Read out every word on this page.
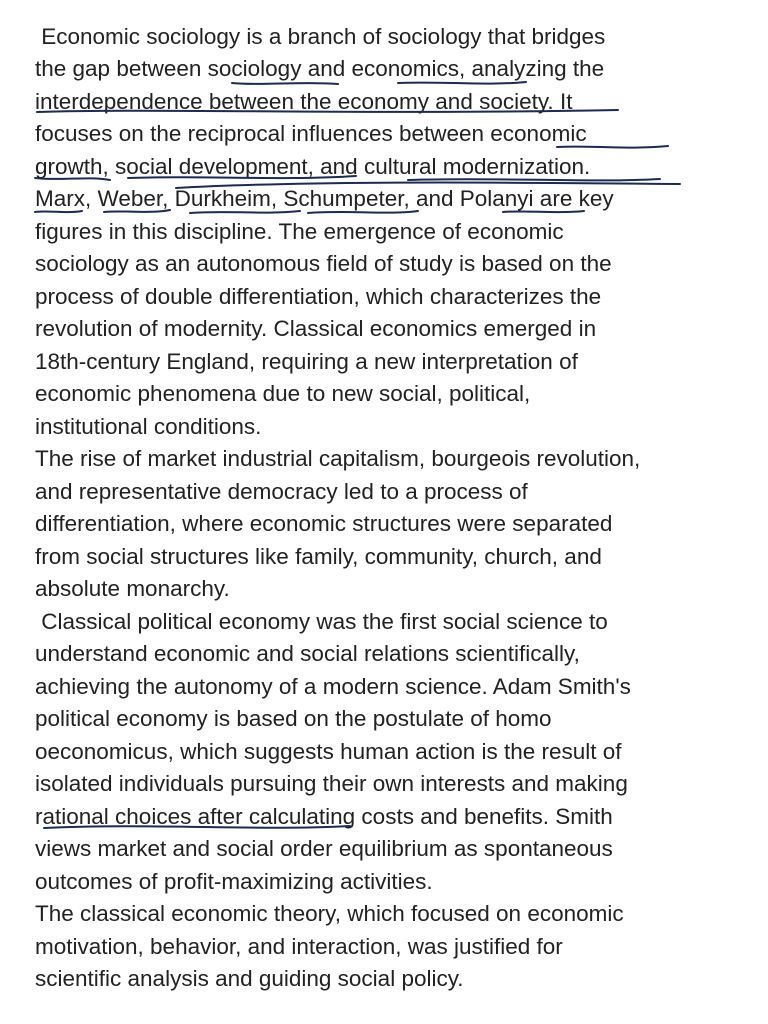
Economic sociology is a branch of sociology that bridges
the gap between sociology and economics, analyzing the
interdependence between the economy and society. It
focuses on the reciprocal influences between economic
growth, social development, and cultural modernization.
Marx, Weber, Durkheim, Schumpeter, and Polanyi are key
figures in this discipline. The emergence of economic
sociology as an autonomous field of study is based on the
process of double differentiation, which characterizes the
revolution of modernity. Classical economics emerged in
18th-century England, requiring a new interpretation of
economic phenomena due to new social, political,
institutional conditions.
The rise of market industrial capitalism, bourgeois revolution,
and representative democracy led to a process of
differentiation, where economic structures were separated
from social structures like family, community, church, and
absolute monarchy.
Classical political economy was the first social science to
understand economic and social relations scientifically,
achieving the autonomy of a modern science. Adam Smith's
political economy is based on the postulate of homo
oeconomicus, which suggests human action is the result of
isolated individuals pursuing their own interests and making
rational choices after calculating costs and benefits. Smith
views market and social order equilibrium as spontaneous
outcomes of profit-maximizing activities.
The classical economic theory, which focused on economic
motivation, behavior, and interaction, was justified for
scientific analysis and guiding social policy.
